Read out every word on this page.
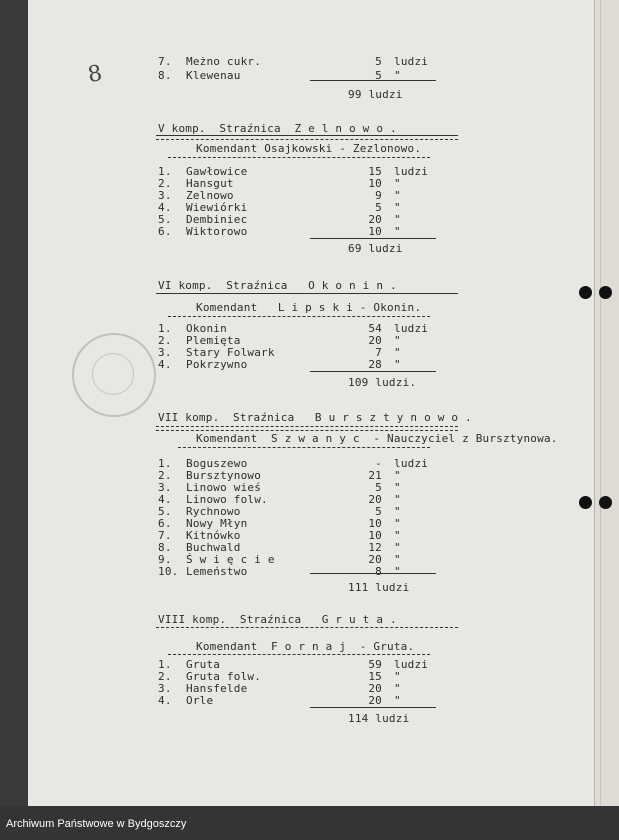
8	7. Meżno cukr.	5 ludzi
8. Klewenau	5 "
99 ludzi
V komp.  Straźnica  Z e l n o w o .
Komendant Osajkowski - Zezlonowo.
1. Gawłowice	15 ludzi
2. Hansgut	10 "
3. Zelnowo	9 "
4. Wiewiórki	5 "
5. Dembiniec	20 "
6. Wiktorowo	10 "
69 ludzi
VI komp.  Straźnica   O k o n i n .
Komendant   L i p s k i - Okonin.
1. Okonin	54 ludzi
2. Plemięta	20 "
3. Stary Folwark	7 "
4. Pokrzywno	28 "
109 ludzi.
VII komp.  Straźnica   B u r s z t y n o w o .
Komendant  S z w a n y c  - Nauczyciel z Bursztynowa.
1. Boguszewo	- ludzi
2. Bursztynowo	21 "
3. Linowo wieś	5 "
4. Linowo folw.	20 "
5. Rychnowo	5 "
6. Nowy Młyn	10 "
7. Kitnówko	10 "
8. Buchwald	12 "
9. Ś w i ę c i e	20 "
10. Lemeństwo	8 "
111 ludzi
VIII komp.  Straźnica   G r u t a .
Komendant  F o r n a j  - Gruta.
1. Gruta	59 ludzi
2. Gruta folw.	15 "
3. Hansfelde	20 "
4. Orle	20 "
114 ludzi
Archiwum Państwowe w Bydgoszczy
